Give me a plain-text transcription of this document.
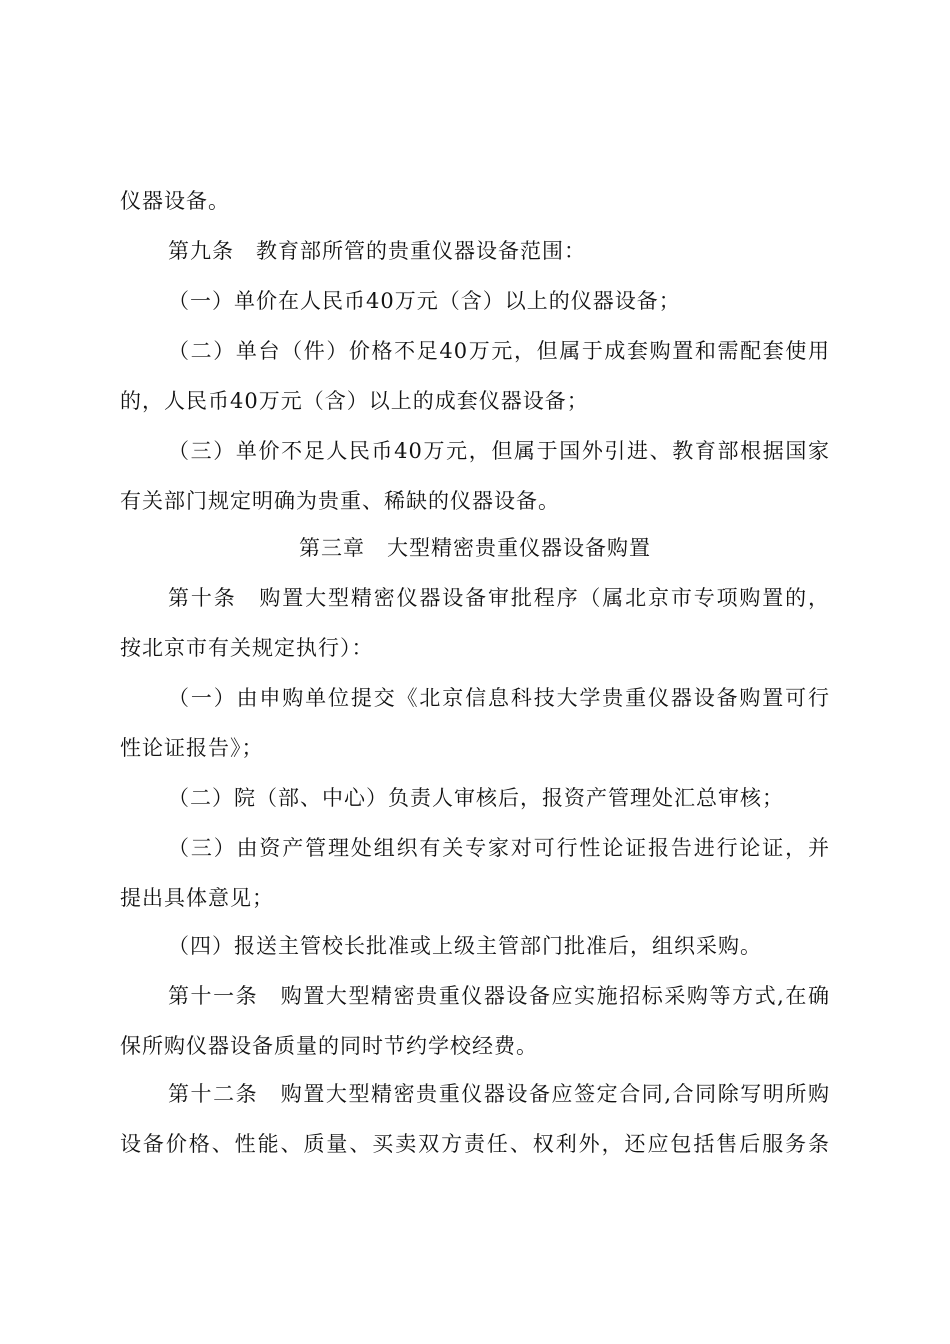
仪器设备。
第九条　教育部所管的贵重仪器设备范围：
（一）单价在人民币40万元（含）以上的仪器设备；
（二）单台（件）价格不足40万元，但属于成套购置和需配套使用
的，人民币40万元（含）以上的成套仪器设备；
（三）单价不足人民币40万元，但属于国外引进、教育部根据国家
有关部门规定明确为贵重、稀缺的仪器设备。
第三章　大型精密贵重仪器设备购置
第十条　购置大型精密仪器设备审批程序（属北京市专项购置的，
按北京市有关规定执行）：
（一）由申购单位提交《北京信息科技大学贵重仪器设备购置可行
性论证报告》；
（二）院（部、中心）负责人审核后，报资产管理处汇总审核；
（三）由资产管理处组织有关专家对可行性论证报告进行论证，并
提出具体意见；
（四）报送主管校长批准或上级主管部门批准后，组织采购。
第十一条　购置大型精密贵重仪器设备应实施招标采购等方式,在确
保所购仪器设备质量的同时节约学校经费。
第十二条　购置大型精密贵重仪器设备应签定合同,合同除写明所购
设备价格、性能、质量、买卖双方责任、权利外，还应包括售后服务条
